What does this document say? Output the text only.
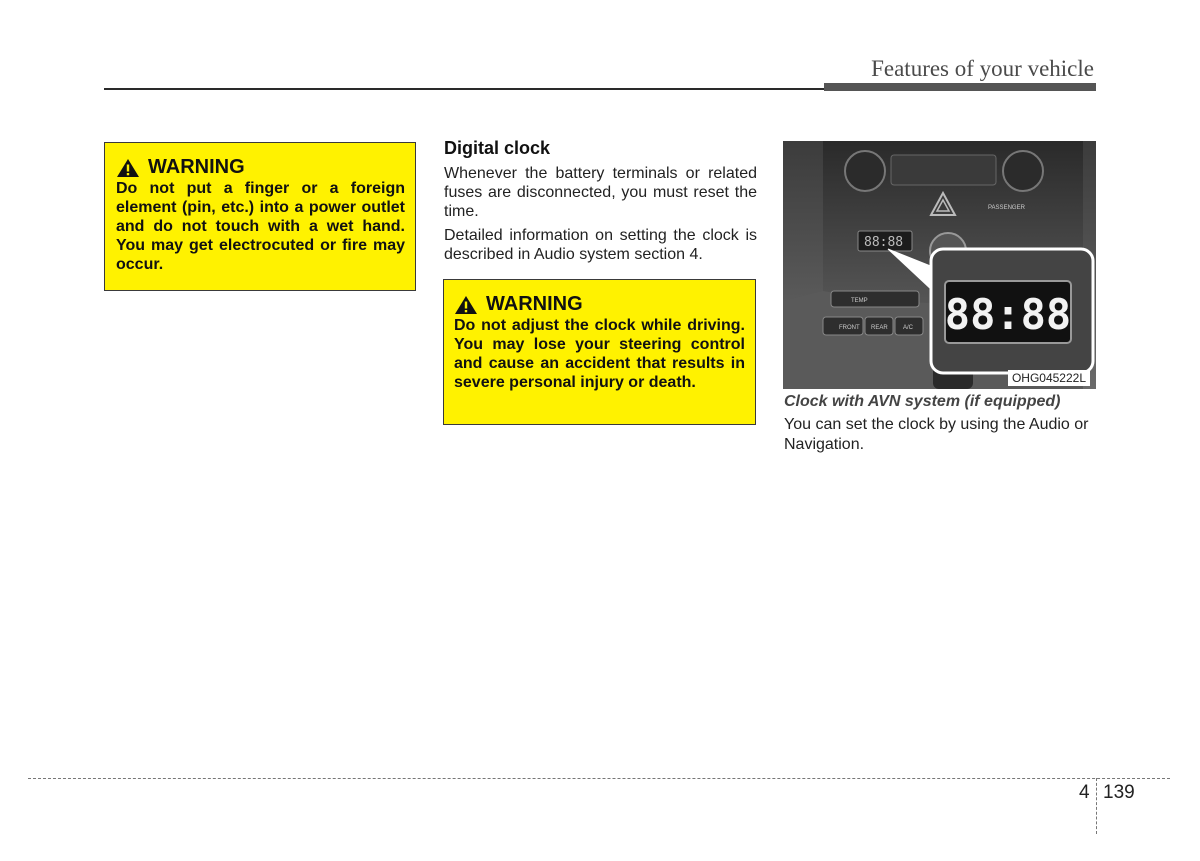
Features of your vehicle
WARNING
Do not put a finger or a foreign element (pin, etc.) into a power outlet and do not touch with a wet hand. You may get electrocuted or fire may occur.
Digital clock

Whenever the battery terminals or related fuses are disconnected, you must reset the time.

Detailed information on setting the clock is described in Audio system section 4.

WARNING
Do not adjust the clock while driving. You may lose your steering control and cause an accident that results in severe personal injury or death.
PASSENGER
88:88
TEMP
FRONT REAR	A/C 88:88
OHG045222L
Clock with AVN system (if equipped)

You can set the clock by using the Audio or Navigation.

4 139
